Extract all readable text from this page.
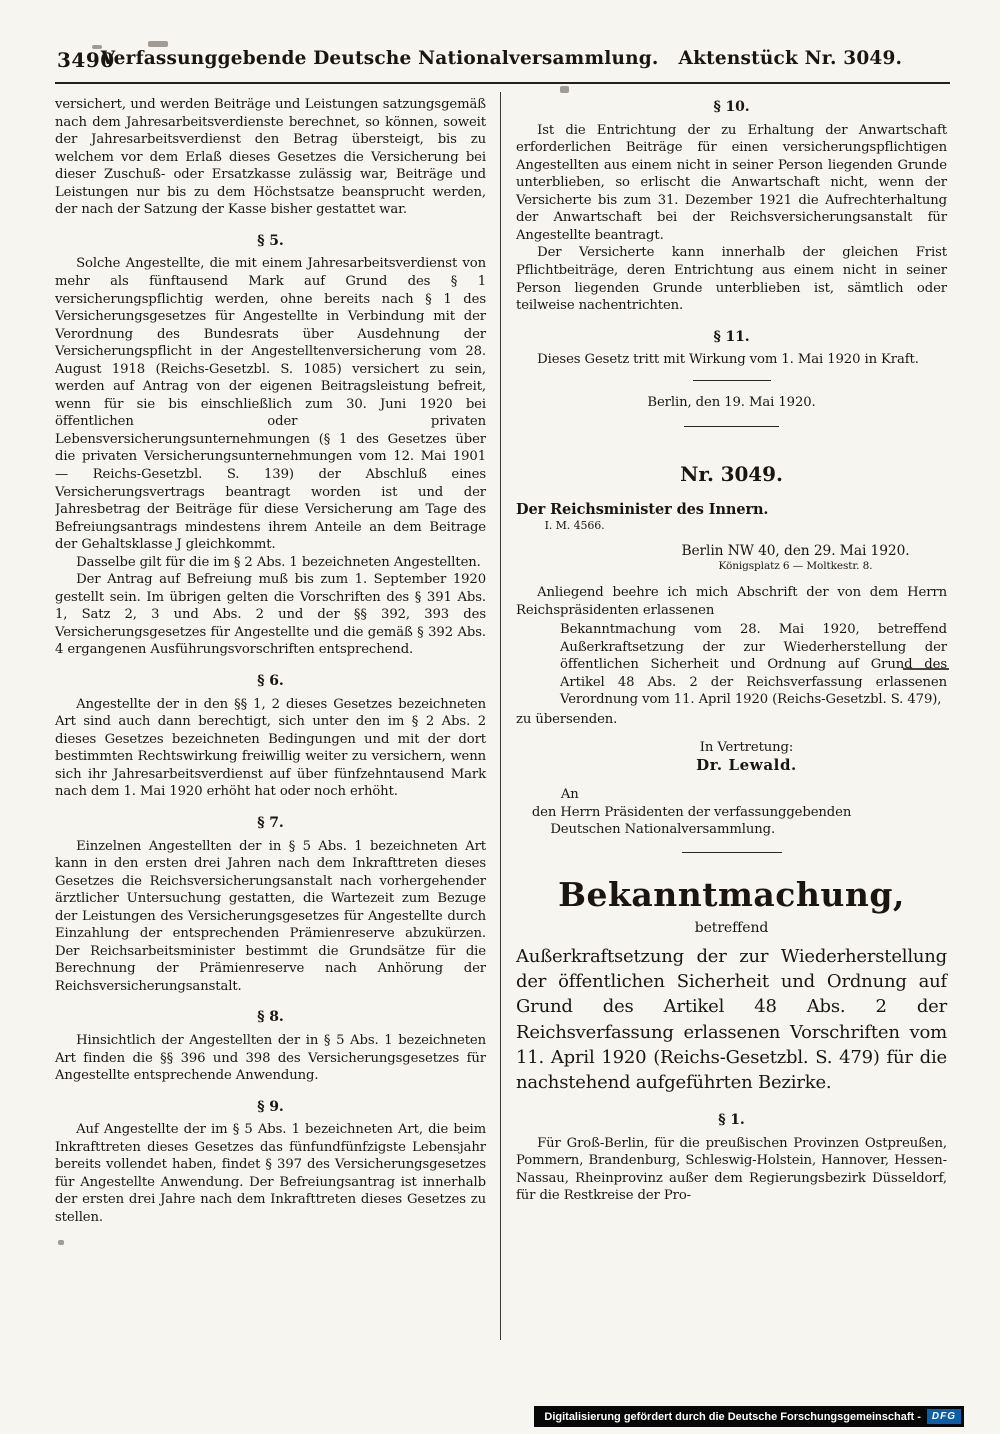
3490
Verfassunggebende Deutsche Nationalversammlung. Aktenstück Nr. 3049.

versichert, und werden Beiträge und Leistungen satzungsgemäß nach dem Jahresarbeitsverdienste berechnet, so können, soweit der Jahresarbeitsverdienst den Betrag übersteigt, bis zu welchem vor dem Erlaß dieses Gesetzes die Versicherung bei dieser Zuschuß- oder Ersatzkasse zulässig war, Beiträge und Leistungen nur bis zu dem Höchstsatze beansprucht werden, der nach der Satzung der Kasse bisher gestattet war.

§ 5.

Solche Angestellte, die mit einem Jahresarbeitsverdienst von mehr als fünftausend Mark auf Grund des § 1 versicherungspflichtig werden, ohne bereits nach § 1 des Versicherungsgesetzes für Angestellte in Verbindung mit der Verordnung des Bundesrats über Ausdehnung der Versicherungspflicht in der Angestelltenversicherung vom 28. August 1918 (Reichs-Gesetzbl. S. 1085) versichert zu sein, werden auf Antrag von der eigenen Beitragsleistung befreit, wenn für sie bis einschließlich zum 30. Juni 1920 bei öffentlichen oder privaten Lebensversicherungsunternehmungen (§ 1 des Gesetzes über die privaten Versicherungsunternehmungen vom 12. Mai 1901 — Reichs-Gesetzbl. S. 139) der Abschluß eines Versicherungsvertrags beantragt worden ist und der Jahresbetrag der Beiträge für diese Versicherung am Tage des Befreiungsantrags mindestens ihrem Anteile an dem Beitrage der Gehaltsklasse J gleichkommt.

Dasselbe gilt für die im § 2 Abs. 1 bezeichneten Angestellten.

Der Antrag auf Befreiung muß bis zum 1. September 1920 gestellt sein. Im übrigen gelten die Vorschriften des § 391 Abs. 1, Satz 2, 3 und Abs. 2 und der §§ 392, 393 des Versicherungsgesetzes für Angestellte und die gemäß § 392 Abs. 4 ergangenen Ausführungsvorschriften entsprechend.

§ 6.

Angestellte der in den §§ 1, 2 dieses Gesetzes bezeichneten Art sind auch dann berechtigt, sich unter den im § 2 Abs. 2 dieses Gesetzes bezeichneten Bedingungen und mit der dort bestimmten Rechtswirkung freiwillig weiter zu versichern, wenn sich ihr Jahresarbeitsverdienst auf über fünfzehntausend Mark nach dem 1. Mai 1920 erhöht hat oder noch erhöht.

§ 7.

Einzelnen Angestellten der in § 5 Abs. 1 bezeichneten Art kann in den ersten drei Jahren nach dem Inkrafttreten dieses Gesetzes die Reichsversicherungsanstalt nach vorhergehender ärztlicher Untersuchung gestatten, die Wartezeit zum Bezuge der Leistungen des Versicherungsgesetzes für Angestellte durch Einzahlung der entsprechenden Prämienreserve abzukürzen. Der Reichsarbeitsminister bestimmt die Grundsätze für die Berechnung der Prämienreserve nach Anhörung der Reichsversicherungsanstalt.

§ 8.

Hinsichtlich der Angestellten der in § 5 Abs. 1 bezeichneten Art finden die §§ 396 und 398 des Versicherungsgesetzes für Angestellte entsprechende Anwendung.

§ 9.

Auf Angestellte der im § 5 Abs. 1 bezeichneten Art, die beim Inkrafttreten dieses Gesetzes das fünfundfünfzigste Lebensjahr bereits vollendet haben, findet § 397 des Versicherungsgesetzes für Angestellte Anwendung. Der Befreiungsantrag ist innerhalb der ersten drei Jahre nach dem Inkrafttreten dieses Gesetzes zu stellen.

§ 10.

Ist die Entrichtung der zu Erhaltung der Anwartschaft erforderlichen Beiträge für einen versicherungspflichtigen Angestellten aus einem nicht in seiner Person liegenden Grunde unterblieben, so erlischt die Anwartschaft nicht, wenn der Versicherte bis zum 31. Dezember 1921 die Aufrechterhaltung der Anwartschaft bei der Reichsversicherungsanstalt für Angestellte beantragt.

Der Versicherte kann innerhalb der gleichen Frist Pflichtbeiträge, deren Entrichtung aus einem nicht in seiner Person liegenden Grunde unterblieben ist, sämtlich oder teilweise nachentrichten.

§ 11.

Dieses Gesetz tritt mit Wirkung vom 1. Mai 1920 in Kraft.

Berlin, den 19. Mai 1920.

Nr. 3049.

Der Reichsminister des Innern.

I. M. 4566.

Berlin NW 40, den 29. Mai 1920.

Königsplatz 6 — Moltkestr. 8.

Anliegend beehre ich mich Abschrift der von dem Herrn Reichspräsidenten erlassenen

Bekanntmachung vom 28. Mai 1920, betreffend Außerkraftsetzung der zur Wiederherstellung der öffentlichen Sicherheit und Ordnung auf Grund des Artikel 48 Abs. 2 der Reichsverfassung erlassenen Verordnung vom 11. April 1920 (Reichs-Gesetzbl. S. 479),

zu übersenden.

In Vertretung:

Dr. Lewald.

An

den Herrn Präsidenten der verfassunggebenden

Deutschen Nationalversammlung.

Bekanntmachung,
betreffend

Außerkraftsetzung der zur Wiederherstellung der öffentlichen Sicherheit und Ordnung auf Grund des Artikel 48 Abs. 2 der Reichsverfassung erlassenen Vorschriften vom 11. April 1920 (Reichs-Gesetzbl. S. 479) für die nachstehend aufgeführten Bezirke.

§ 1.

Für Groß-Berlin, für die preußischen Provinzen Ostpreußen, Pommern, Brandenburg, Schleswig-Holstein, Hannover, Hessen-Nassau, Rheinprovinz außer dem Regierungsbezirk Düsseldorf, für die Restkreise der Pro-

Digitalisierung gefördert durch die Deutsche Forschungsgemeinschaft -	DFG
